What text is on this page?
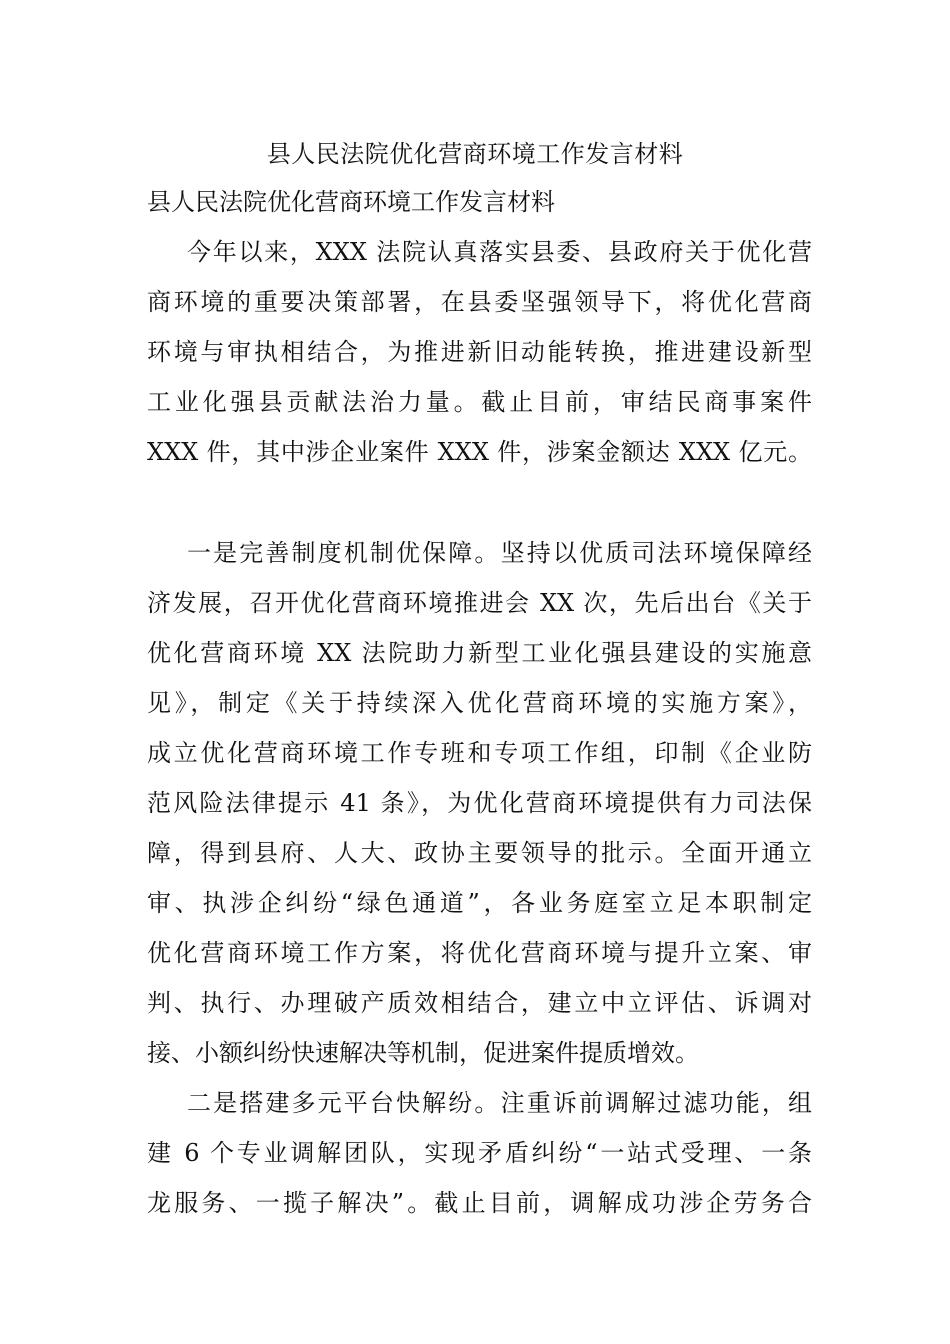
县人民法院优化营商环境工作发言材料
县人民法院优化营商环境工作发言材料
今年以来，XXX 法院认真落实县委、县政府关于优化营
商环境的重要决策部署，在县委坚强领导下，将优化营商
环境与审执相结合，为推进新旧动能转换，推进建设新型
工业化强县贡献法治力量。截止目前，审结民商事案件
XXX 件，其中涉企业案件 XXX 件，涉案金额达 XXX 亿元。
一是完善制度机制优保障。坚持以优质司法环境保障经
济发展，召开优化营商环境推进会 XX 次，先后出台《关于
优化营商环境 XX 法院助力新型工业化强县建设的实施意
见》，制定《关于持续深入优化营商环境的实施方案》，
成立优化营商环境工作专班和专项工作组，印制《企业防
范风险法律提示 41 条》，为优化营商环境提供有力司法保
障，得到县府、人大、政协主要领导的批示。全面开通立
审、执涉企纠纷“绿色通道”，各业务庭室立足本职制定
优化营商环境工作方案，将优化营商环境与提升立案、审
判、执行、办理破产质效相结合，建立中立评估、诉调对
接、小额纠纷快速解决等机制，促进案件提质增效。
二是搭建多元平台快解纷。注重诉前调解过滤功能，组
建 6 个专业调解团队，实现矛盾纠纷“一站式受理、一条
龙服务、一揽子解决”。截止目前，调解成功涉企劳务合
